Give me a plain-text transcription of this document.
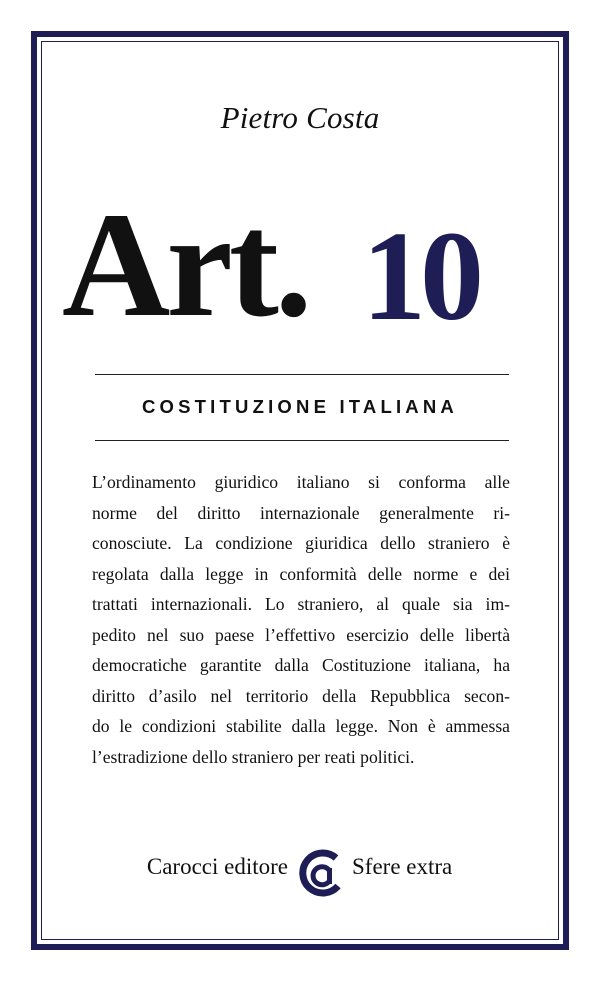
Pietro Costa
Art. 10
COSTITUZIONE ITALIANA
L’ordinamento giuridico italiano si conforma alle
norme del diritto internazionale generalmente ri-
conosciute. La condizione giuridica dello straniero è
regolata dalla legge in conformità delle norme e dei
trattati internazionali. Lo straniero, al quale sia im-
pedito nel suo paese l’effettivo esercizio delle libertà
democratiche garantite dalla Costituzione italiana, ha
diritto d’asilo nel territorio della Repubblica secon-
do le condizioni stabilite dalla legge. Non è ammessa
l’estradizione dello straniero per reati politici.
Carocci editore	Sfere extra
